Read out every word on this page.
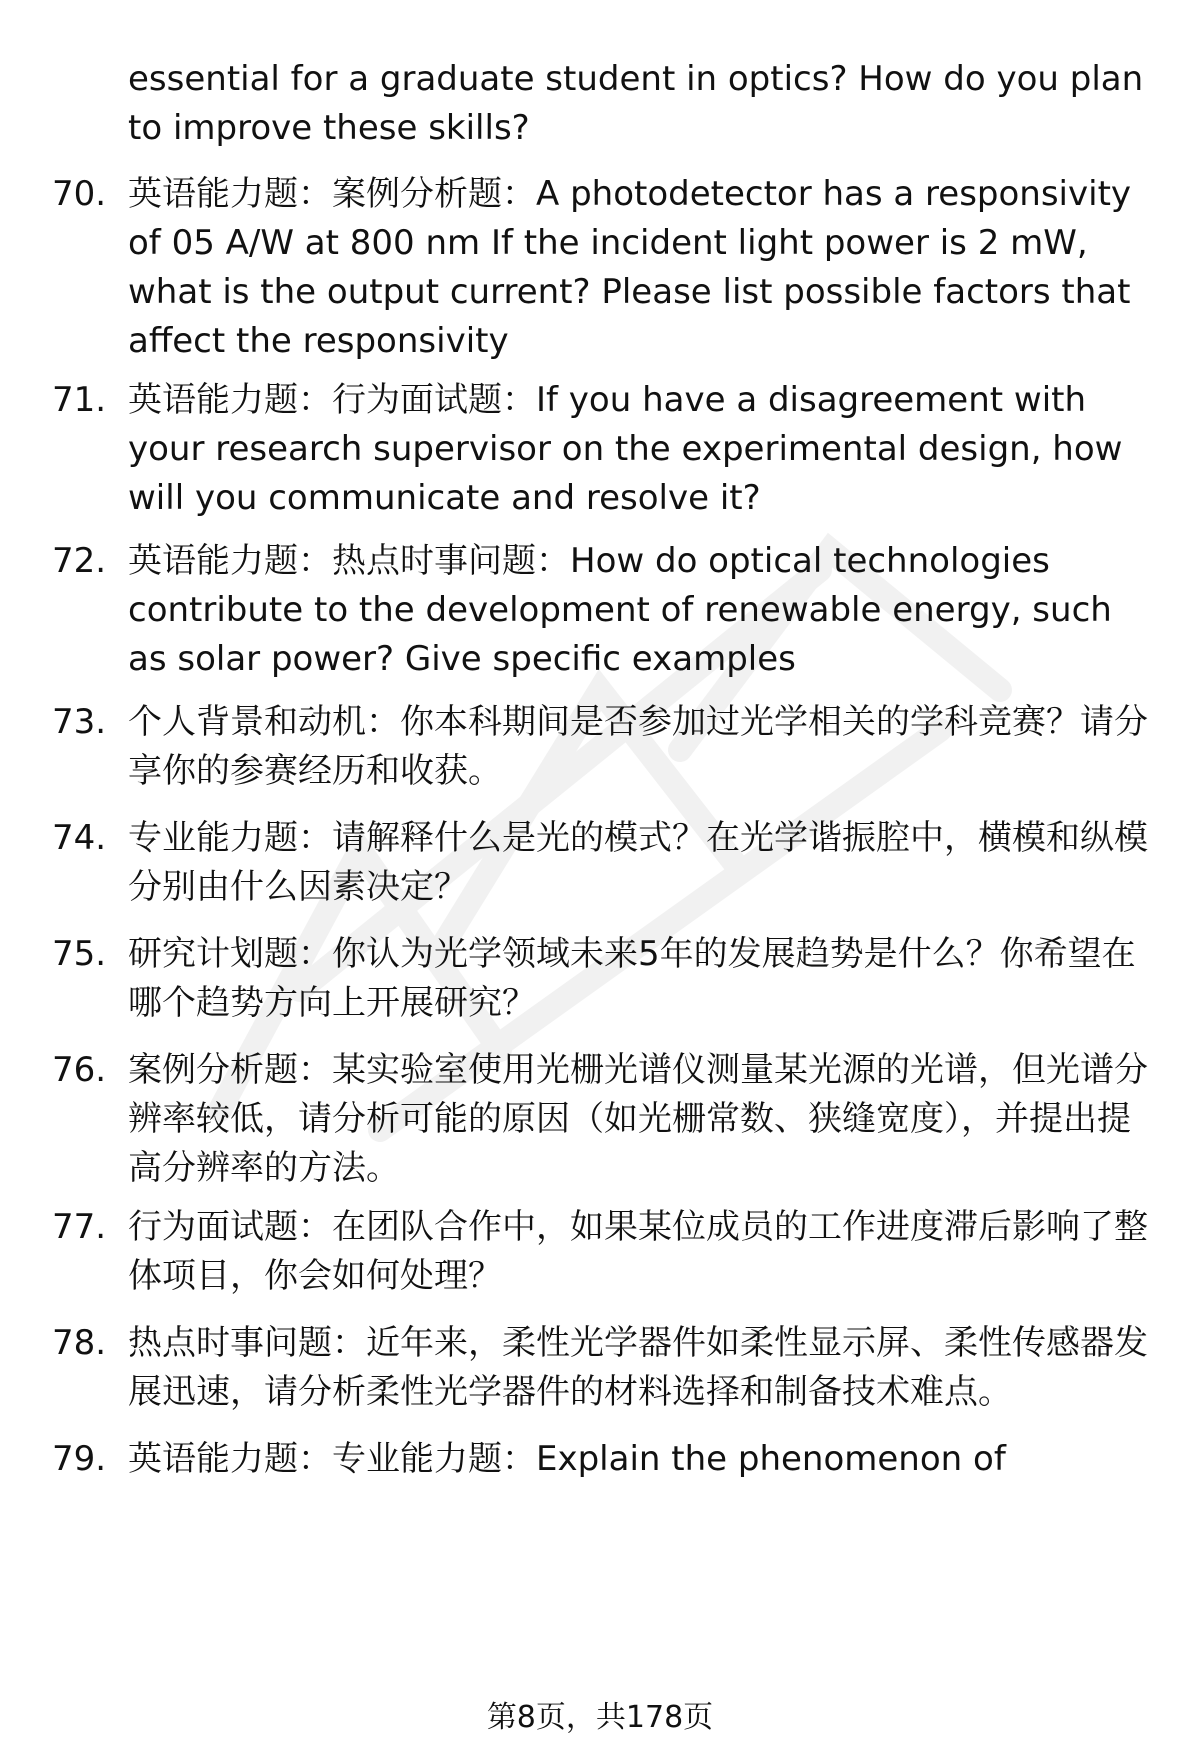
essential for a graduate student in optics? How do you plan to improve these skills?
70. 英语能力题：案例分析题：A photodetector has a responsivity of 05 A/W at 800 nm If the incident light power is 2 mW, what is the output current? Please list possible factors that affect the responsivity
71. 英语能力题：行为面试题：If you have a disagreement with your research supervisor on the experimental design, how will you communicate and resolve it?
72. 英语能力题：热点时事问题：How do optical technologies contribute to the development of renewable energy, such as solar power? Give specific examples
73. 个人背景和动机：你本科期间是否参加过光学相关的学科竞赛？请分享你的参赛经历和收获。
74. 专业能力题：请解释什么是光的模式？在光学谐振腔中，横模和纵模分别由什么因素决定？
75. 研究计划题：你认为光学领域未来5年的发展趋势是什么？你希望在哪个趋势方向上开展研究？
76. 案例分析题：某实验室使用光栅光谱仪测量某光源的光谱，但光谱分辨率较低，请分析可能的原因（如光栅常数、狭缝宽度），并提出提高分辨率的方法。
77. 行为面试题：在团队合作中，如果某位成员的工作进度滞后影响了整体项目，你会如何处理？
78. 热点时事问题：近年来，柔性光学器件如柔性显示屏、柔性传感器发展迅速，请分析柔性光学器件的材料选择和制备技术难点。
79. 英语能力题：专业能力题：Explain the phenomenon of
第8页，共178页
